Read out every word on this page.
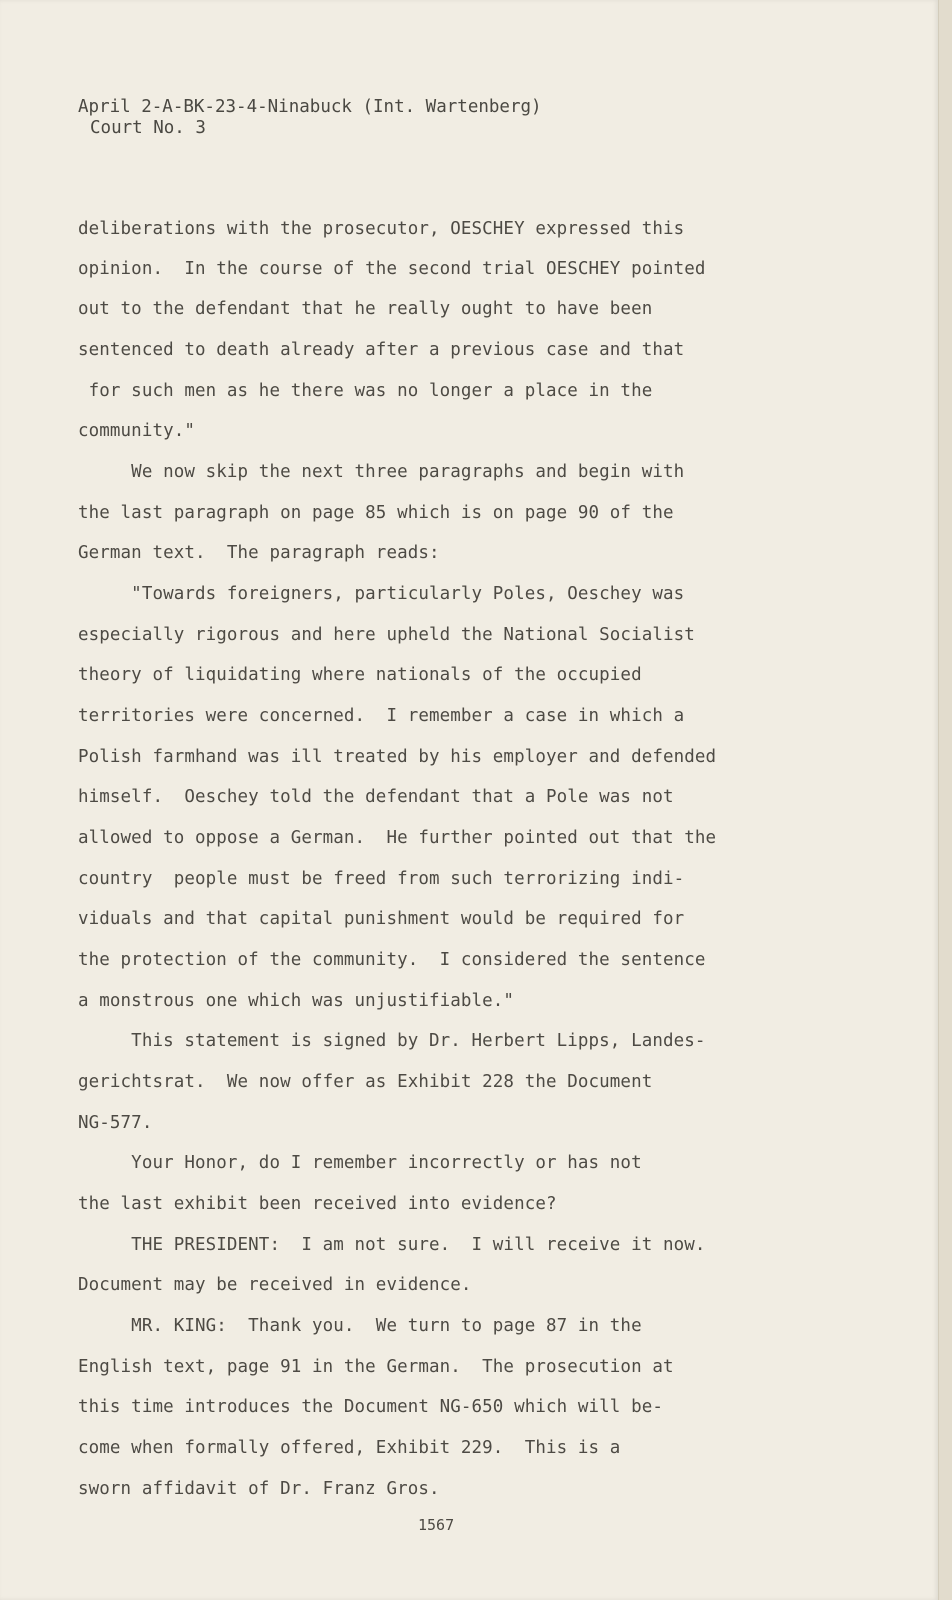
April 2-A-BK-23-4-Ninabuck (Int. Wartenberg)
Court No. 3
deliberations with the prosecutor, OESCHEY expressed this
opinion.  In the course of the second trial OESCHEY pointed
out to the defendant that he really ought to have been
sentenced to death already after a previous case and that
for such men as he there was no longer a place in the
community."
We now skip the next three paragraphs and begin with
the last paragraph on page 85 which is on page 90 of the
German text.  The paragraph reads:
"Towards foreigners, particularly Poles, Oeschey was
especially rigorous and here upheld the National Socialist
theory of liquidating where nationals of the occupied
territories were concerned.  I remember a case in which a
Polish farmhand was ill treated by his employer and defended
himself.  Oeschey told the defendant that a Pole was not
allowed to oppose a German.  He further pointed out that the
country  people must be freed from such terrorizing indi-
viduals and that capital punishment would be required for
the protection of the community.  I considered the sentence
a monstrous one which was unjustifiable."
This statement is signed by Dr. Herbert Lipps, Landes-
gerichtsrat.  We now offer as Exhibit 228 the Document
NG-577.
Your Honor, do I remember incorrectly or has not
the last exhibit been received into evidence?
THE PRESIDENT:  I am not sure.  I will receive it now.
Document may be received in evidence.
MR. KING:  Thank you.  We turn to page 87 in the
English text, page 91 in the German.  The prosecution at
this time introduces the Document NG-650 which will be-
come when formally offered, Exhibit 229.  This is a
sworn affidavit of Dr. Franz Gros.
1567
